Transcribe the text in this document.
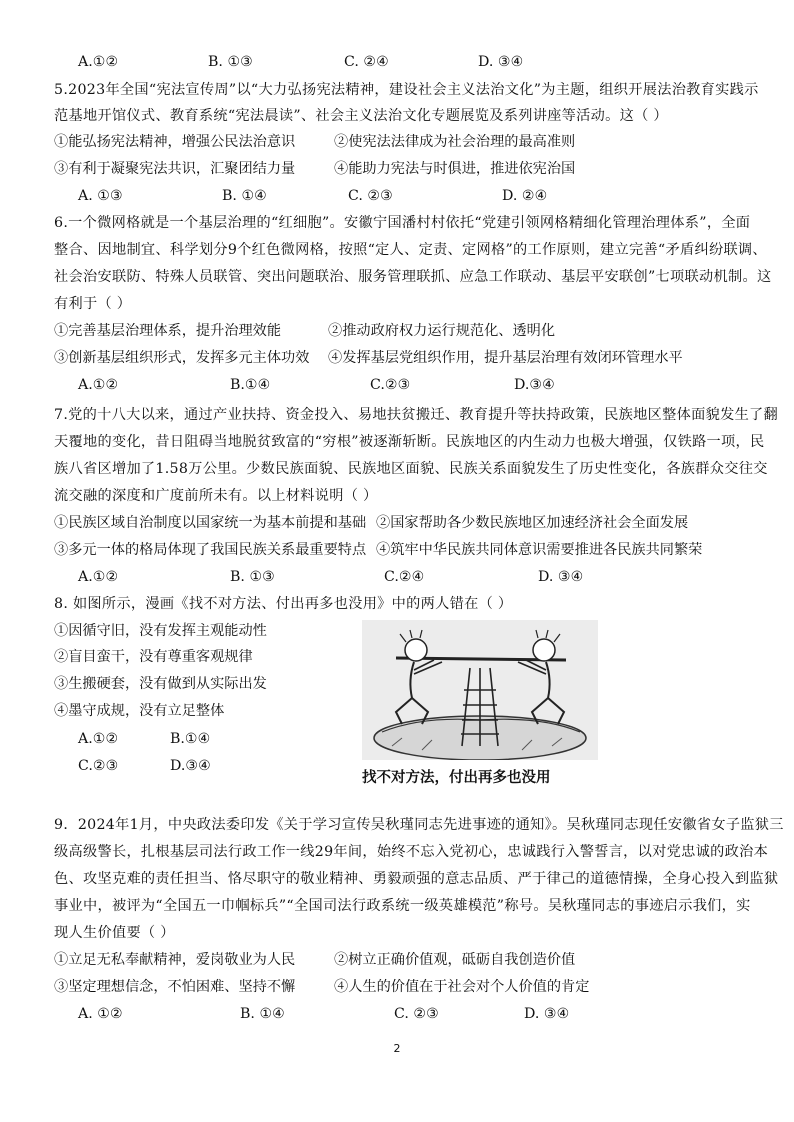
A.①②	B. ①③	C. ②④	D. ③④
5.2023年全国“宪法宣传周”以“大力弘扬宪法精神，建设社会主义法治文化”为主题，组织开展法治教育实践示
范基地开馆仪式、教育系统“宪法晨读”、社会主义法治文化专题展览及系列讲座等活动。这（ ）
①能弘扬宪法精神，增强公民法治意识	②使宪法法律成为社会治理的最高准则
③有利于凝聚宪法共识，汇聚团结力量	④能助力宪法与时俱进，推进依宪治国
A. ①③	B. ①④	C. ②③	D. ②④
6.一个微网格就是一个基层治理的“红细胞”。安徽宁国潘村村依托“党建引领网格精细化管理治理体系”，全面
整合、因地制宜、科学划分9个红色微网格，按照“定人、定责、定网格”的工作原则，建立完善“矛盾纠纷联调、
社会治安联防、特殊人员联管、突出问题联治、服务管理联抓、应急工作联动、基层平安联创”七项联动机制。这
有利于（ ）
①完善基层治理体系，提升治理效能	②推动政府权力运行规范化、透明化
③创新基层组织形式，发挥多元主体功效 ④发挥基层党组织作用，提升基层治理有效闭环管理水平
A.①②	B.①④	C.②③	D.③④
7.党的十八大以来，通过产业扶持、资金投入、易地扶贫搬迁、教育提升等扶持政策，民族地区整体面貌发生了翻
天覆地的变化，昔日阻碍当地脱贫致富的“穷根”被逐渐斩断。民族地区的内生动力也极大增强，仅铁路一项，民
族八省区增加了1.58万公里。少数民族面貌、民族地区面貌、民族关系面貌发生了历史性变化，各族群众交往交
流交融的深度和广度前所未有。以上材料说明（ ）
①民族区域自治制度以国家统一为基本前提和基础 ②国家帮助各少数民族地区加速经济社会全面发展
③多元一体的格局体现了我国民族关系最重要特点 ④筑牢中华民族共同体意识需要推进各民族共同繁荣
A.①②	B. ①③	C.②④	D. ③④
8. 如图所示，漫画《找不对方法、付出再多也没用》中的两人错在（ ）
①因循守旧，没有发挥主观能动性
②盲目蛮干，没有尊重客观规律
③生搬硬套，没有做到从实际出发
④墨守成规，没有立足整体
A.①②	B.①④
C.②③	D.③④
找不对方法，付出再多也没用
9．2024年1月，中央政法委印发《关于学习宣传吴秋瑾同志先进事迹的通知》。吴秋瑾同志现任安徽省女子监狱三
级高级警长，扎根基层司法行政工作一线29年间，始终不忘入党初心，忠诚践行入警誓言，以对党忠诚的政治本
色、攻坚克难的责任担当、恪尽职守的敬业精神、勇毅顽强的意志品质、严于律己的道德情操，全身心投入到监狱
事业中，被评为“全国五一巾帼标兵”“全国司法行政系统一级英雄模范”称号。吴秋瑾同志的事迹启示我们，实
现人生价值要（ ）
①立足无私奉献精神，爱岗敬业为人民	②树立正确价值观，砥砺自我创造价值
③坚定理想信念，不怕困难、坚持不懈	④人生的价值在于社会对个人价值的肯定
A. ①②	B. ①④	C. ②③	D. ③④
2
